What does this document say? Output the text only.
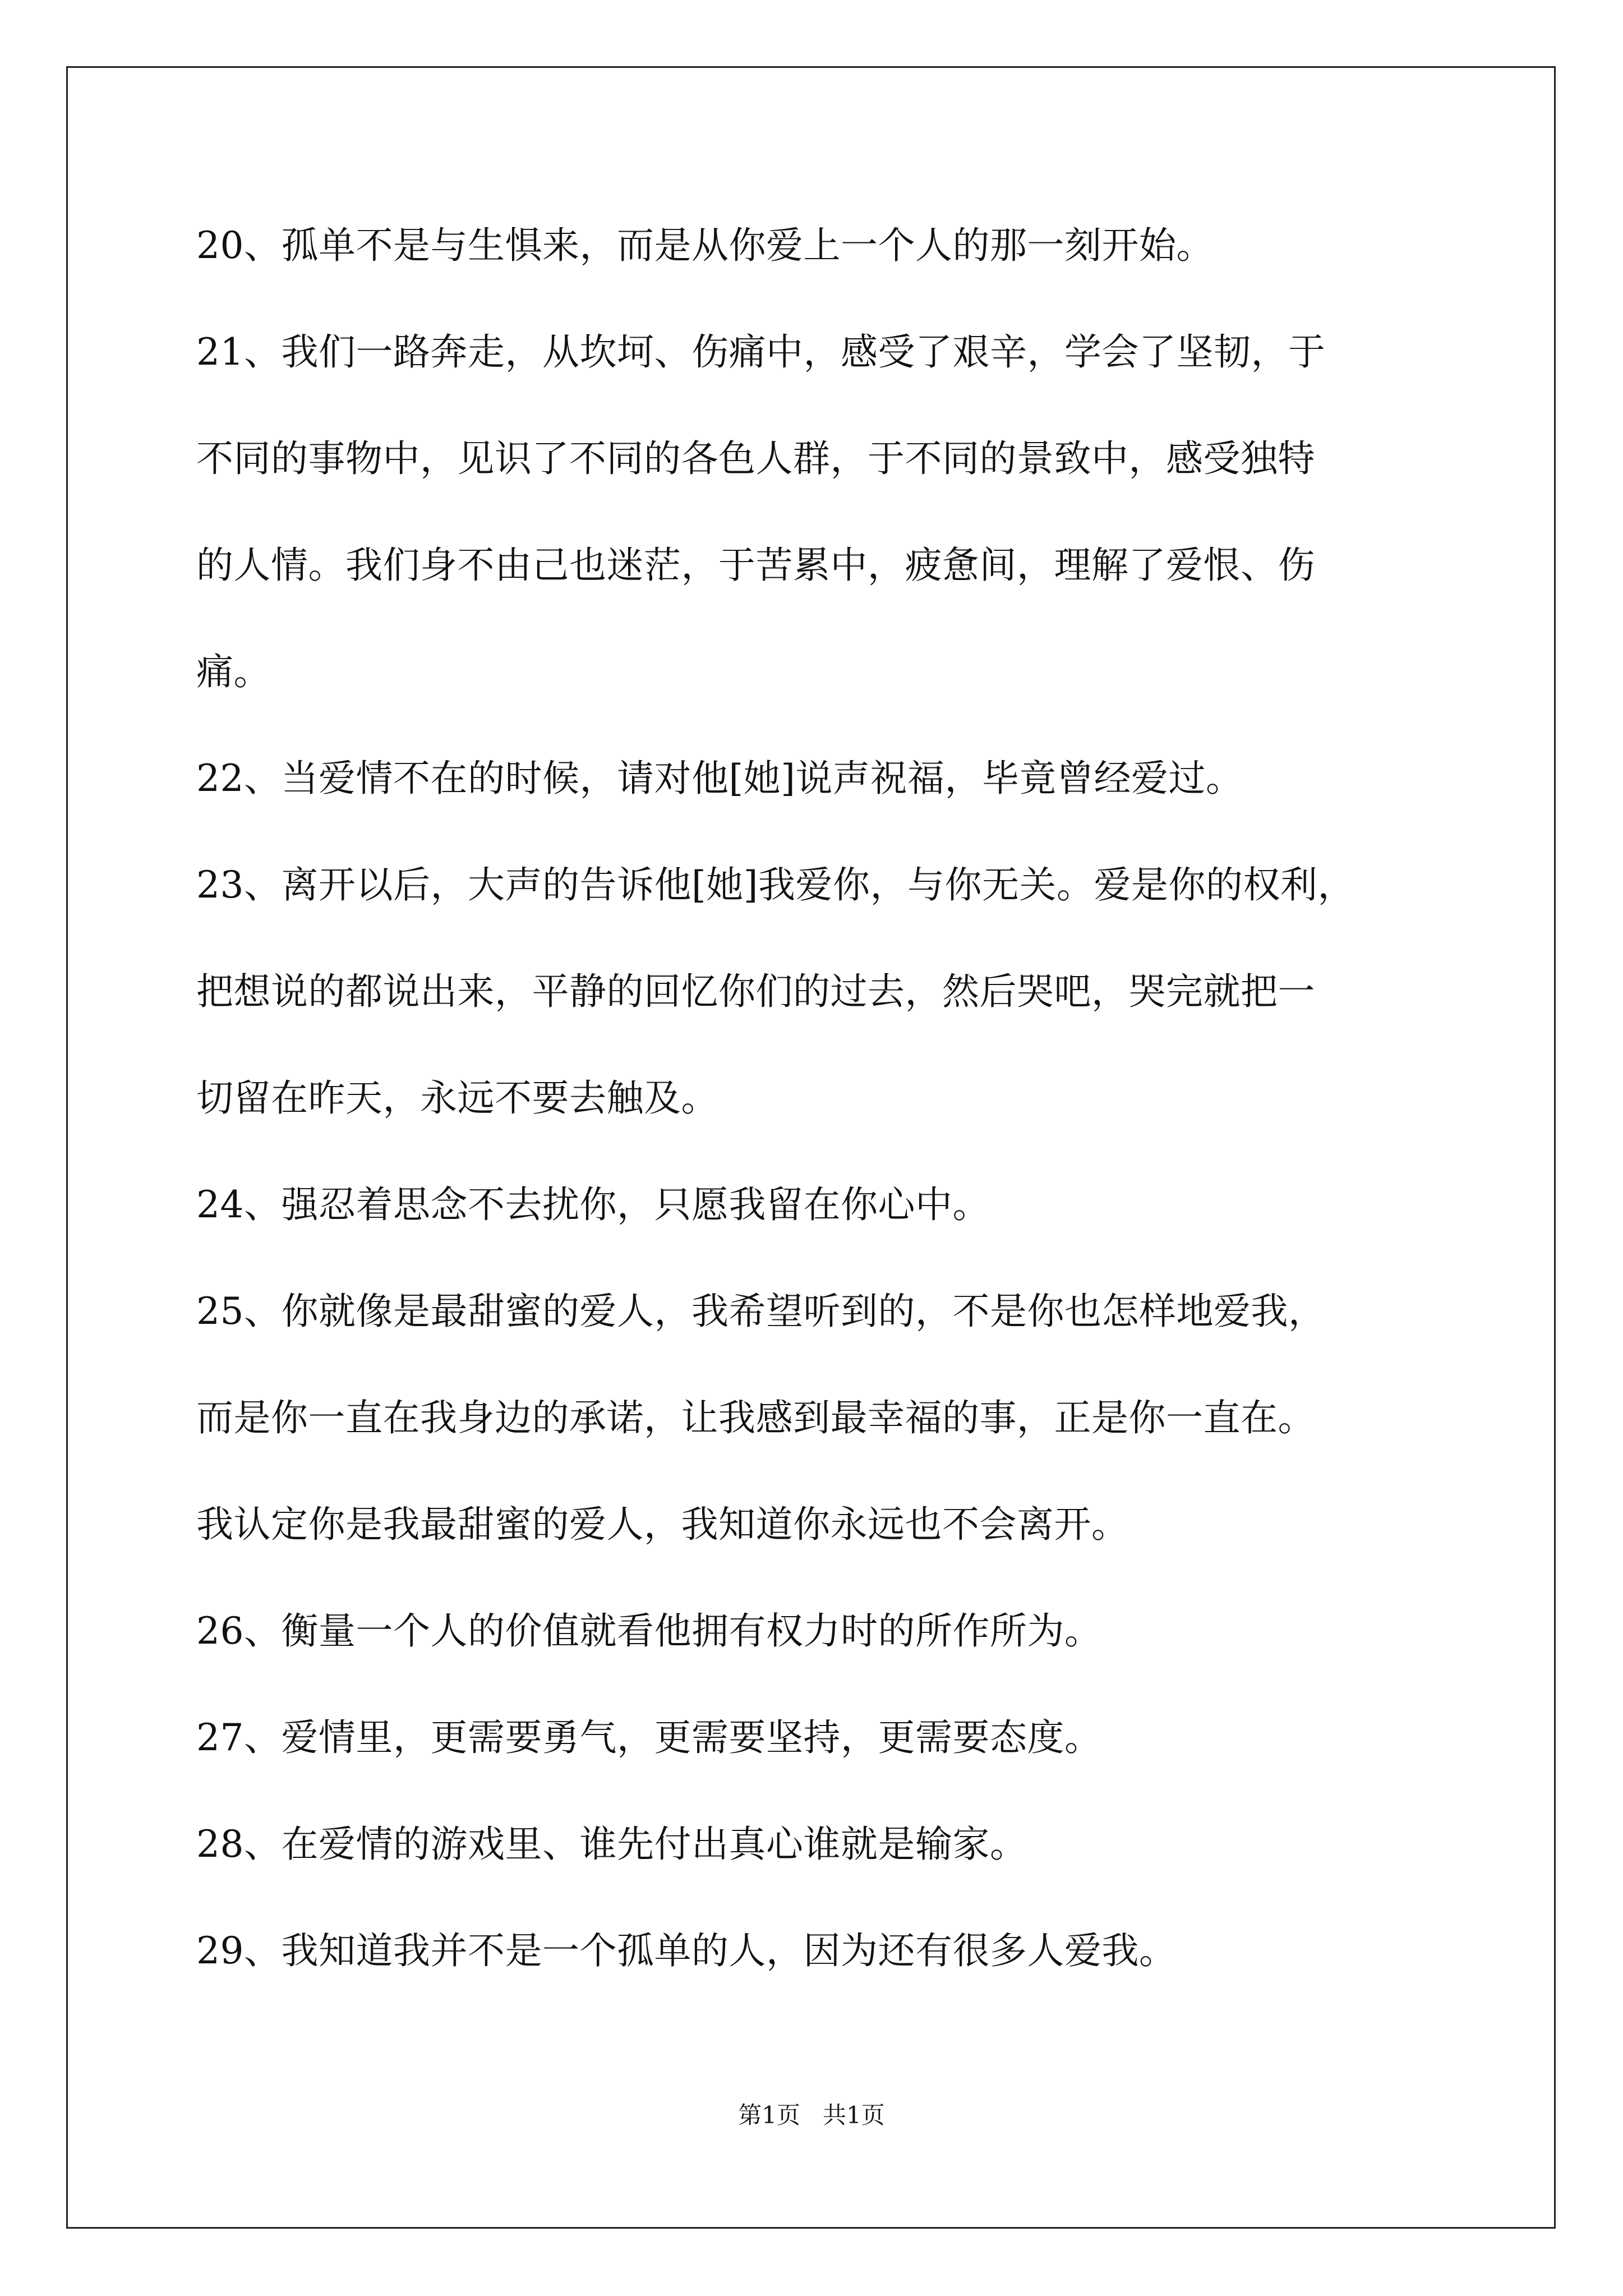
20、孤单不是与生惧来，而是从你爱上一个人的那一刻开始。
21、我们一路奔走，从坎坷、伤痛中，感受了艰辛，学会了坚韧，于
不同的事物中，见识了不同的各色人群，于不同的景致中，感受独特
的人情。我们身不由己也迷茫，于苦累中，疲惫间，理解了爱恨、伤
痛。
22、当爱情不在的时候，请对他[她]说声祝福，毕竟曾经爱过。
23、离开以后，大声的告诉他[她]我爱你，与你无关。爱是你的权利，
把想说的都说出来，平静的回忆你们的过去，然后哭吧，哭完就把一
切留在昨天，永远不要去触及。
24、强忍着思念不去扰你，只愿我留在你心中。
25、你就像是最甜蜜的爱人，我希望听到的，不是你也怎样地爱我，
而是你一直在我身边的承诺，让我感到最幸福的事，正是你一直在。
我认定你是我最甜蜜的爱人，我知道你永远也不会离开。
26、衡量一个人的价值就看他拥有权力时的所作所为。
27、爱情里，更需要勇气，更需要坚持，更需要态度。
28、在爱情的游戏里、谁先付出真心谁就是输家。
29、我知道我并不是一个孤单的人，因为还有很多人爱我。
第1页   共1页
